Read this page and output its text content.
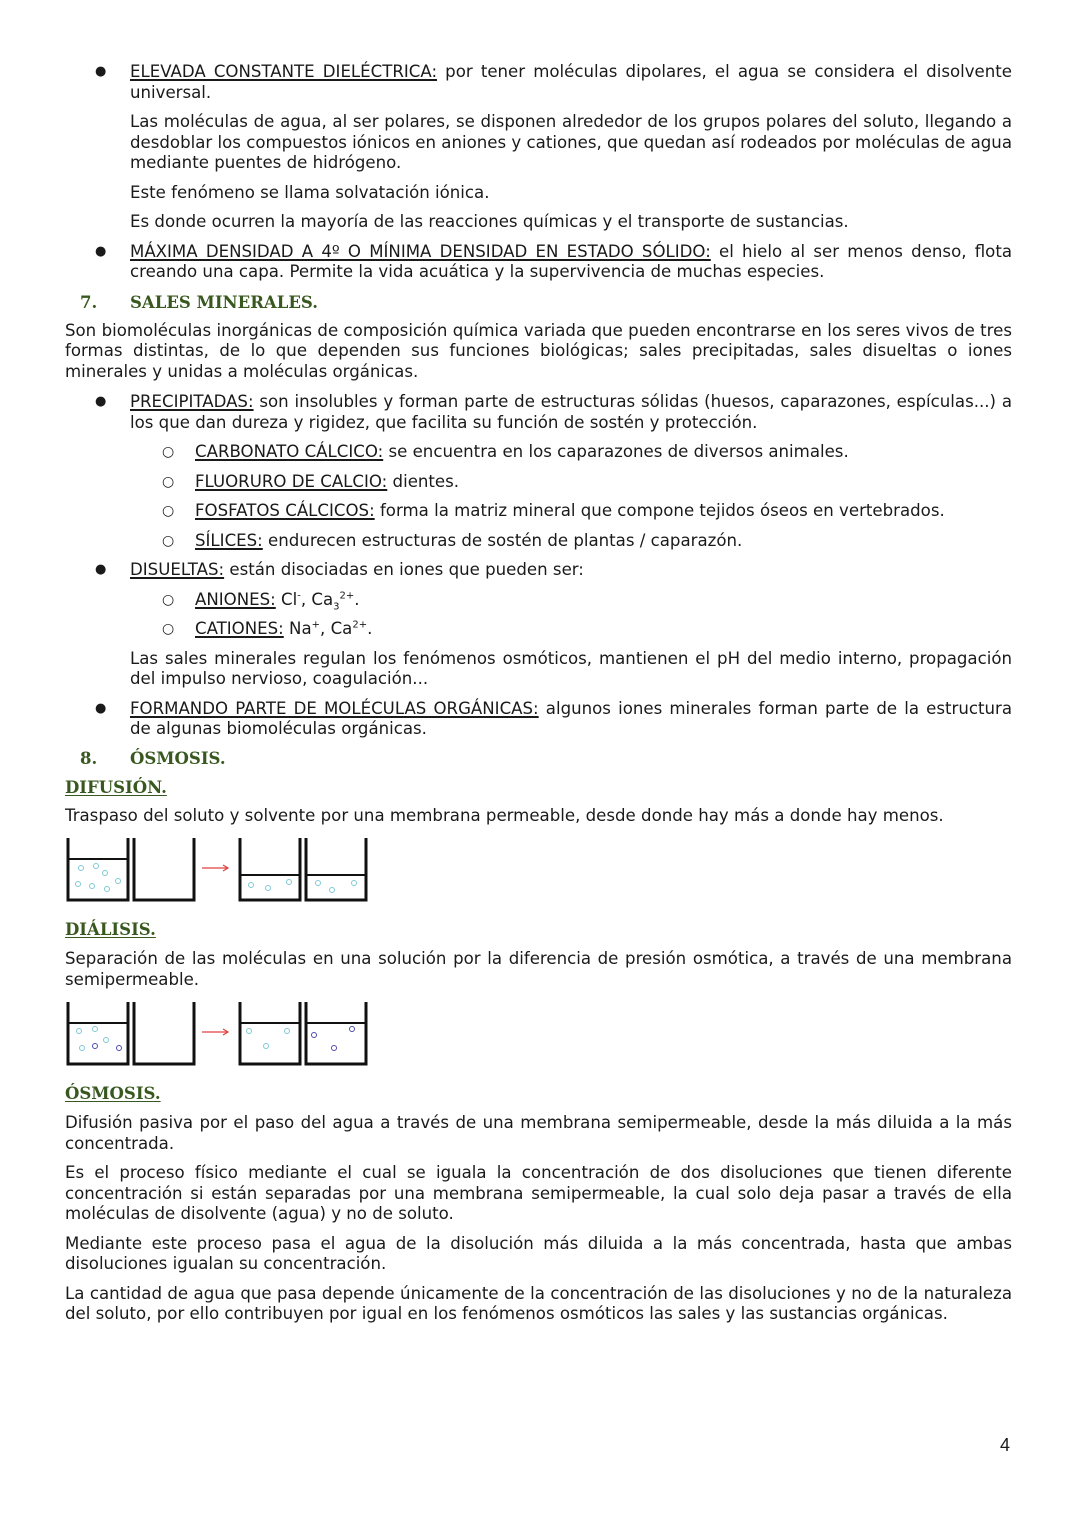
● ELEVADA CONSTANTE DIELÉCTRICA: por tener moléculas dipolares, el agua se considera el disolvente universal.

Las moléculas de agua, al ser polares, se disponen alrededor de los grupos polares del soluto, llegando a desdoblar los compuestos iónicos en aniones y cationes, que quedan así rodeados por moléculas de agua mediante puentes de hidrógeno.

Este fenómeno se llama solvatación iónica.

Es donde ocurren la mayoría de las reacciones químicas y el transporte de sustancias.

● MÁXIMA DENSIDAD A 4º O MÍNIMA DENSIDAD EN ESTADO SÓLIDO: el hielo al ser menos denso, flota creando una capa. Permite la vida acuática y la supervivencia de muchas especies.

7. SALES MINERALES.

Son biomoléculas inorgánicas de composición química variada que pueden encontrarse en los seres vivos de tres formas distintas, de lo que dependen sus funciones biológicas; sales precipitadas, sales disueltas o iones minerales y unidas a moléculas orgánicas.

● PRECIPITADAS: son insolubles y forman parte de estructuras sólidas (huesos, caparazones, espículas...) a los que dan dureza y rigidez, que facilita su función de sostén y protección.

○ CARBONATO CÁLCICO: se encuentra en los caparazones de diversos animales.

○ FLUORURO DE CALCIO: dientes.

○ FOSFATOS CÁLCICOS: forma la matriz mineral que compone tejidos óseos en vertebrados.

○ SÍLICES: endurecen estructuras de sostén de plantas / caparazón.

● DISUELTAS: están disociadas en iones que pueden ser:

○ ANIONES: Cl-, $Ca_3^{2+}$.

○ CATIONES: Na+, $Ca^{2+}$.

Las sales minerales regulan los fenómenos osmóticos, mantienen el pH del medio interno, propagación del impulso nervioso, coagulación...

● FORMANDO PARTE DE MOLÉCULAS ORGÁNICAS: algunos iones minerales forman parte de la estructura de algunas biomoléculas orgánicas.

8. ÓSMOSIS.
DIFUSIÓN.

Traspaso del soluto y solvente por una membrana permeable, desde donde hay más a donde hay menos.

DIÁLISIS.

Separación de las moléculas en una solución por la diferencia de presión osmótica, a través de una membrana semipermeable.

ÓSMOSIS.

Difusión pasiva por el paso del agua a través de una membrana semipermeable, desde la más diluida a la más concentrada.

Es el proceso físico mediante el cual se iguala la concentración de dos disoluciones que tienen diferente concentración si están separadas por una membrana semipermeable, la cual solo deja pasar a través de ella moléculas de disolvente (agua) y no de soluto.

Mediante este proceso pasa el agua de la disolución más diluida a la más concentrada, hasta que ambas disoluciones igualan su concentración.

La cantidad de agua que pasa depende únicamente de la concentración de las disoluciones y no de la naturaleza del soluto, por ello contribuyen por igual en los fenómenos osmóticos las sales y las sustancias orgánicas.

4
